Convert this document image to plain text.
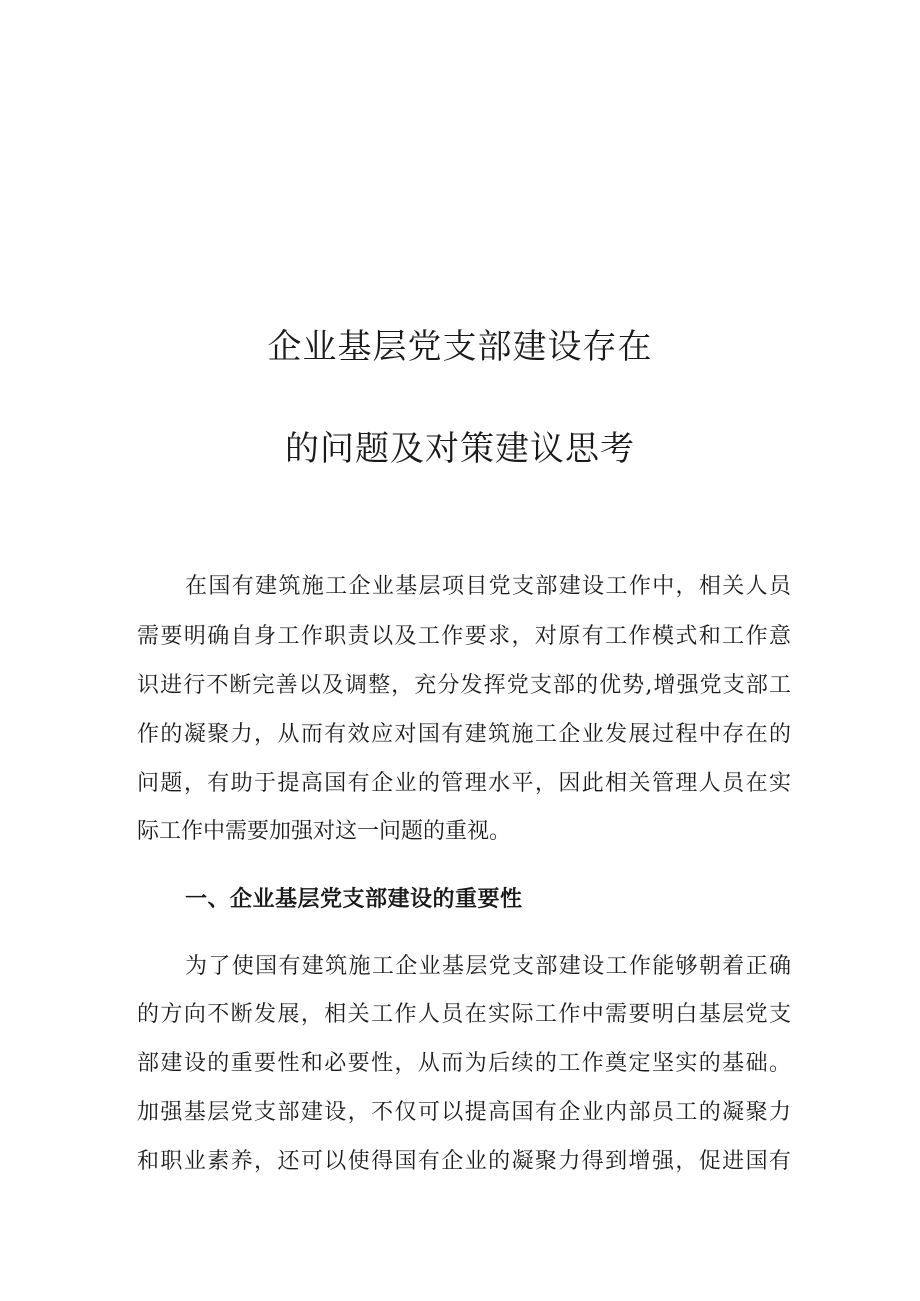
企业基层党支部建设存在
的问题及对策建议思考
在国有建筑施工企业基层项目党支部建设工作中，相关人员
需要明确自身工作职责以及工作要求，对原有工作模式和工作意
识进行不断完善以及调整，充分发挥党支部的优势,增强党支部工
作的凝聚力，从而有效应对国有建筑施工企业发展过程中存在的
问题，有助于提高国有企业的管理水平，因此相关管理人员在实
际工作中需要加强对这一问题的重视。
一、企业基层党支部建设的重要性
为了使国有建筑施工企业基层党支部建设工作能够朝着正确
的方向不断发展，相关工作人员在实际工作中需要明白基层党支
部建设的重要性和必要性，从而为后续的工作奠定坚实的基础。
加强基层党支部建设，不仅可以提高国有企业内部员工的凝聚力
和职业素养，还可以使得国有企业的凝聚力得到增强，促进国有
